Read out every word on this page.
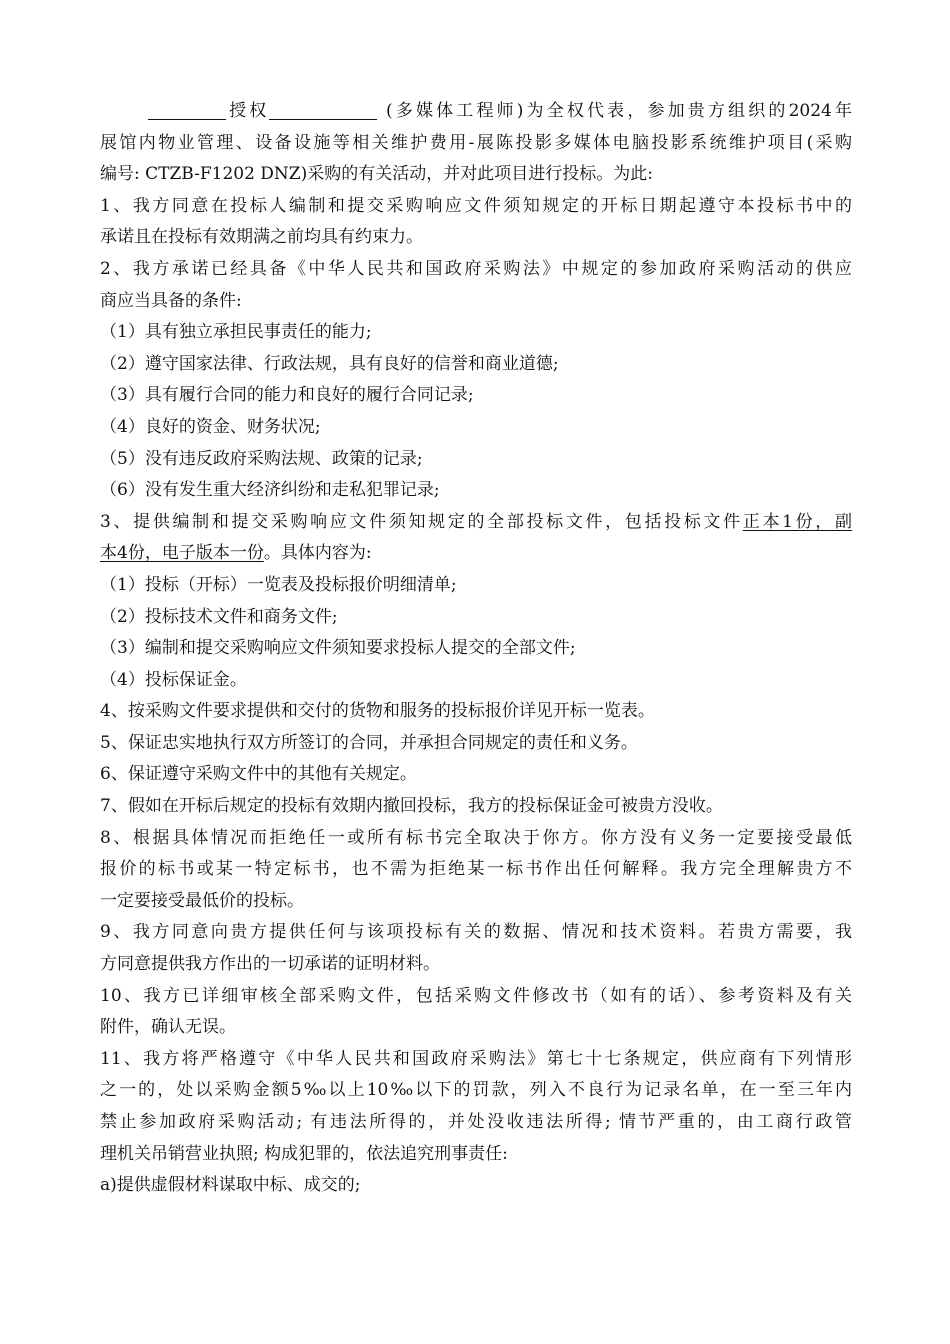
授权	(多媒体工程师)为全权代表，参加贵方组织的2024年
展馆内物业管理、设备设施等相关维护费用-展陈投影多媒体电脑投影系统维护项目(采购
编号: CTZB-F1202 DNZ)采购的有关活动，并对此项目进行投标。为此:
1、我方同意在投标人编制和提交采购响应文件须知规定的开标日期起遵守本投标书中的
承诺且在投标有效期满之前均具有约束力。
2、我方承诺已经具备《中华人民共和国政府采购法》中规定的参加政府采购活动的供应
商应当具备的条件:
（1）具有独立承担民事责任的能力;
（2）遵守国家法律、行政法规，具有良好的信誉和商业道德;
（3）具有履行合同的能力和良好的履行合同记录;
（4）良好的资金、财务状况;
（5）没有违反政府采购法规、政策的记录;
（6）没有发生重大经济纠纷和走私犯罪记录;
3、提供编制和提交采购响应文件须知规定的全部投标文件，包括投标文件正本1份，副
本4份，电子版本一份。具体内容为:
（1）投标（开标）一览表及投标报价明细清单;
（2）投标技术文件和商务文件;
（3）编制和提交采购响应文件须知要求投标人提交的全部文件;
（4）投标保证金。
4、按采购文件要求提供和交付的货物和服务的投标报价详见开标一览表。
5、保证忠实地执行双方所签订的合同，并承担合同规定的责任和义务。
6、保证遵守采购文件中的其他有关规定。
7、假如在开标后规定的投标有效期内撤回投标，我方的投标保证金可被贵方没收。
8、根据具体情况而拒绝任一或所有标书完全取决于你方。你方没有义务一定要接受最低
报价的标书或某一特定标书，也不需为拒绝某一标书作出任何解释。我方完全理解贵方不
一定要接受最低价的投标。
9、我方同意向贵方提供任何与该项投标有关的数据、情况和技术资料。若贵方需要，我
方同意提供我方作出的一切承诺的证明材料。
10、我方已详细审核全部采购文件，包括采购文件修改书（如有的话）、参考资料及有关
附件，确认无误。
11、我方将严格遵守《中华人民共和国政府采购法》第七十七条规定，供应商有下列情形
之一的，处以采购金额5‰以上10‰以下的罚款，列入不良行为记录名单，在一至三年内
禁止参加政府采购活动; 有违法所得的，并处没收违法所得; 情节严重的，由工商行政管
理机关吊销营业执照; 构成犯罪的，依法追究刑事责任:
a)提供虚假材料谋取中标、成交的;
